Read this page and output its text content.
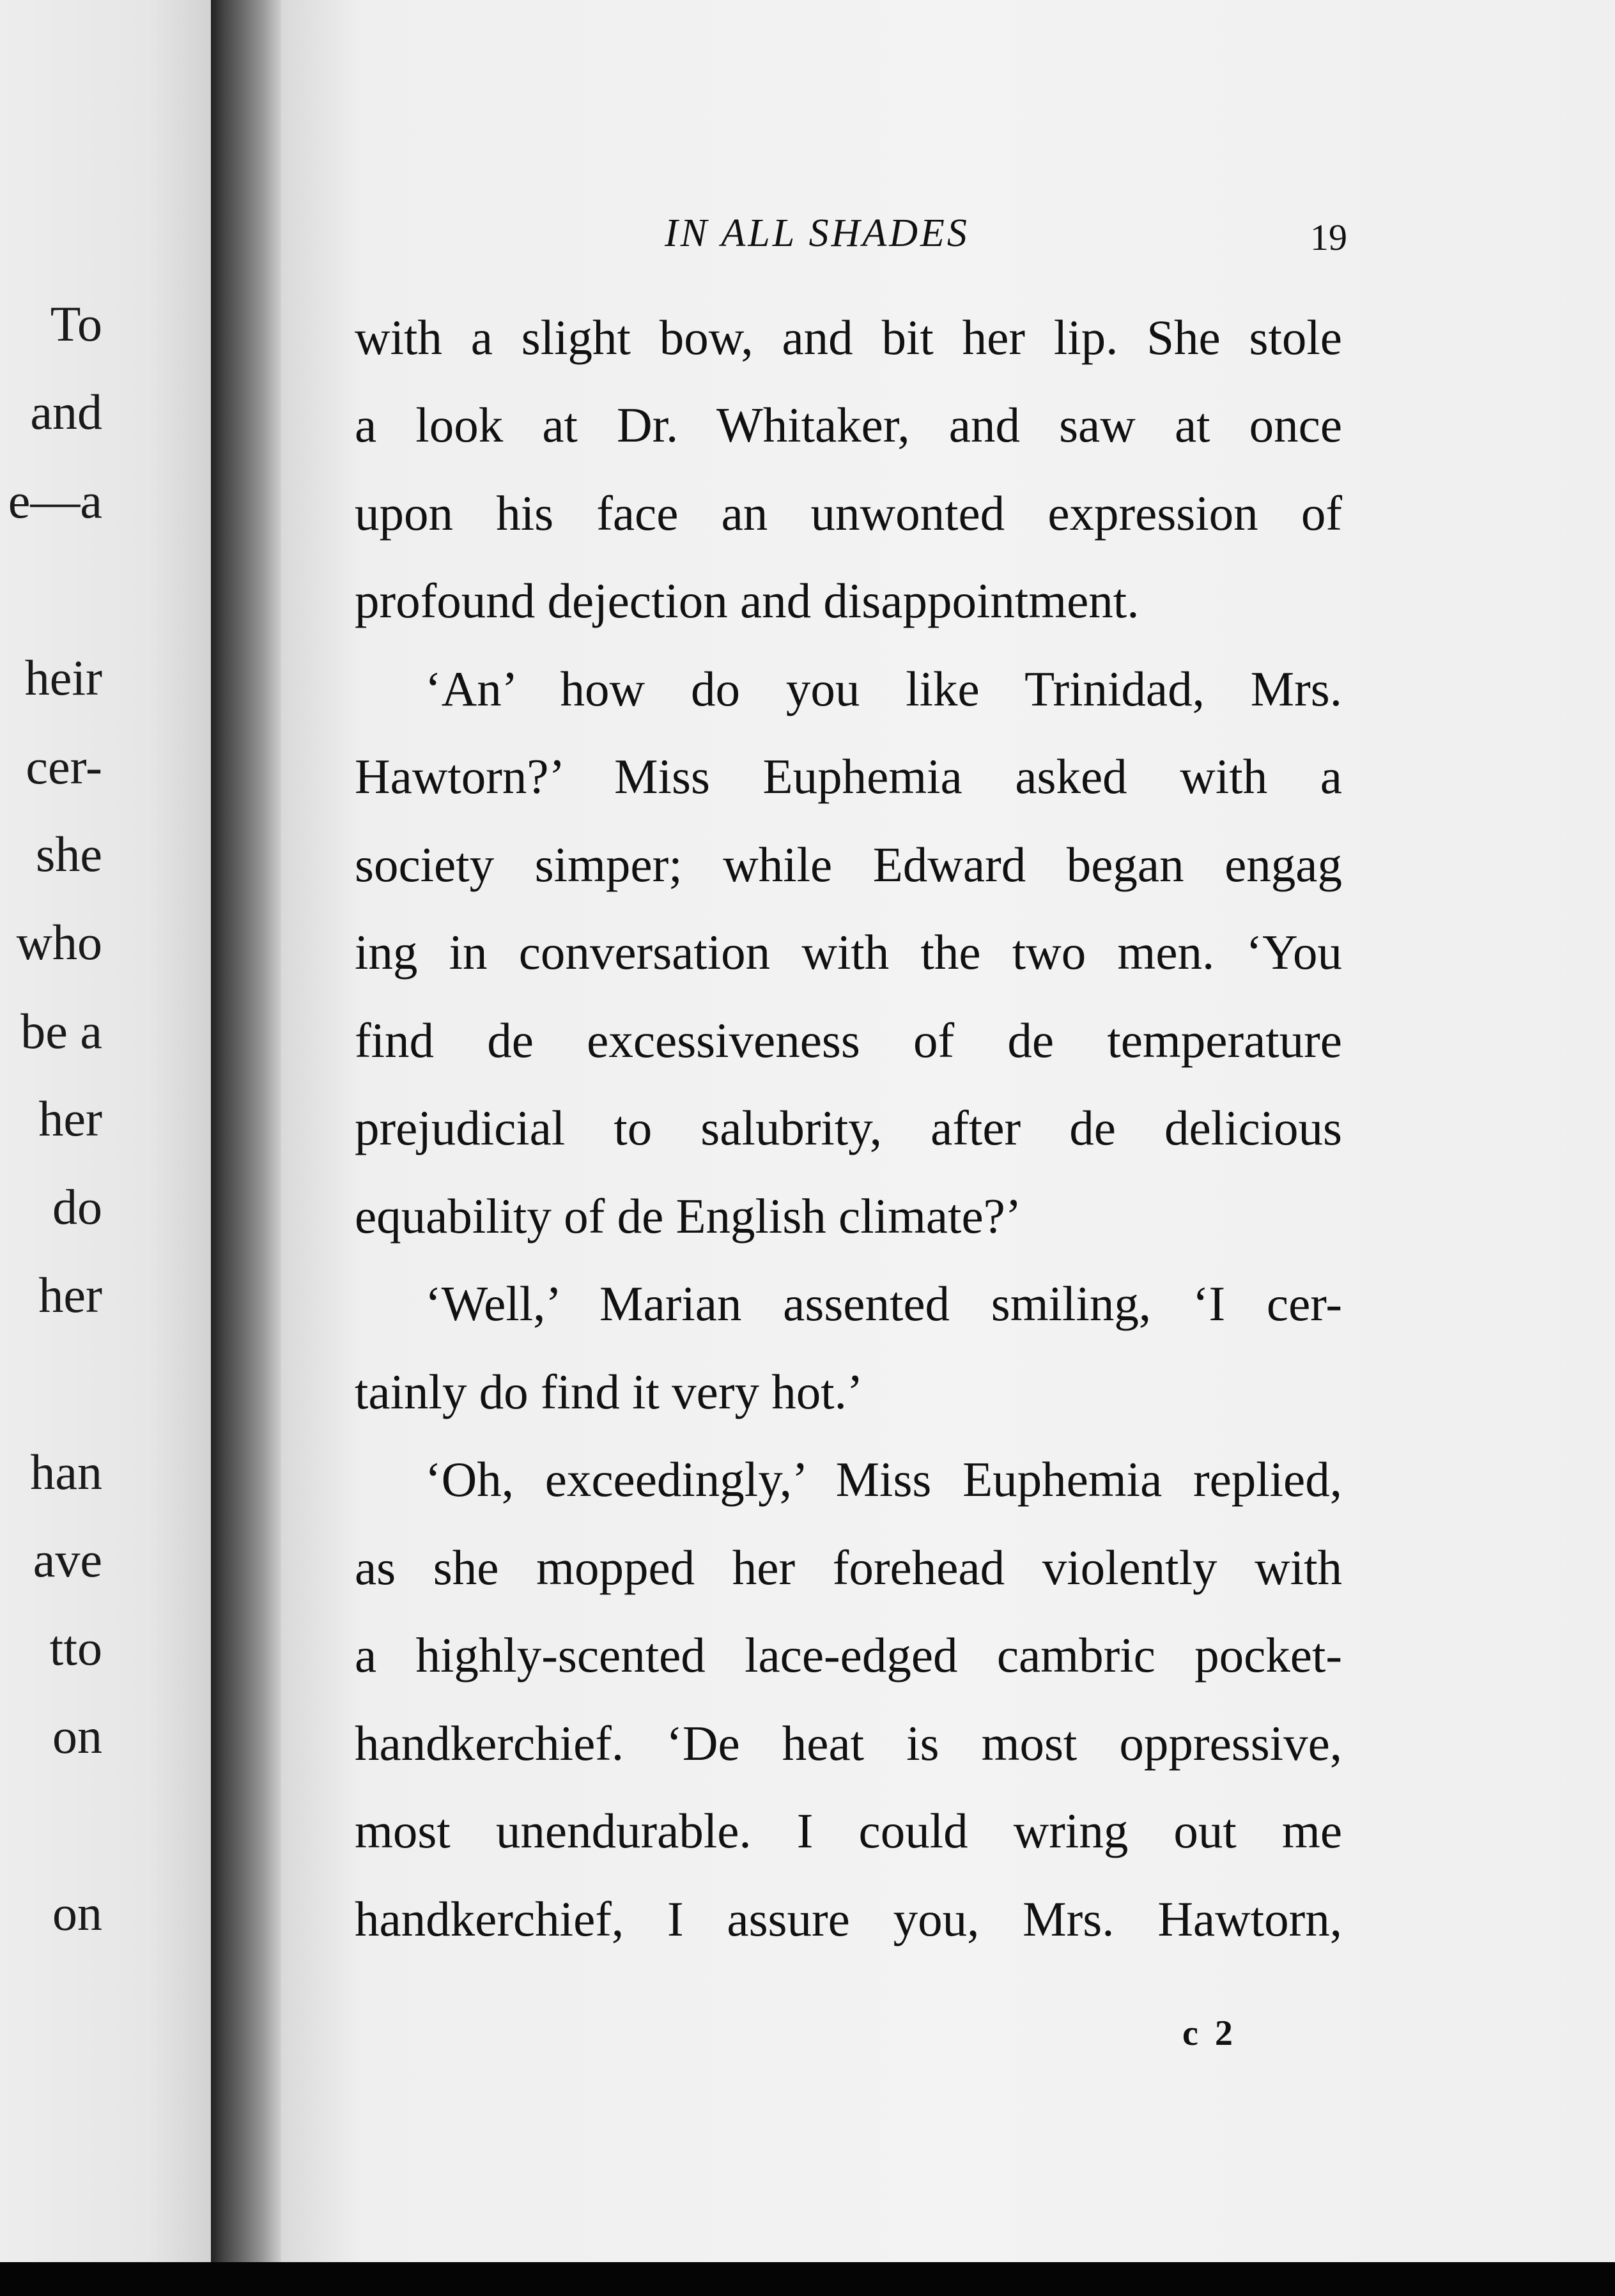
To
and
e—a
heir
cer-
she
who
be a
her
do
her
han
ave
tto
on
on
IN ALL SHADES	19
with a slight bow, and bit her lip. She stole
a look at Dr. Whitaker, and saw at once
upon his face an unwonted expression of
profound dejection and disappointment.
‘An’ how do you like Trinidad, Mrs.
Hawtorn?’ Miss Euphemia asked with a
society simper; while Edward began engag
ing in conversation with the two men. ‘You
find de excessiveness of de temperature
prejudicial to salubrity, after de delicious
equability of de English climate?’
‘Well,’ Marian assented smiling, ‘I cer-
tainly do find it very hot.’
‘Oh, exceedingly,’ Miss Euphemia replied,
as she mopped her forehead violently with
a highly-scented lace-edged cambric pocket-
handkerchief. ‘De heat is most oppressive,
most unendurable. I could wring out me
handkerchief, I assure you, Mrs. Hawtorn,
c 2
